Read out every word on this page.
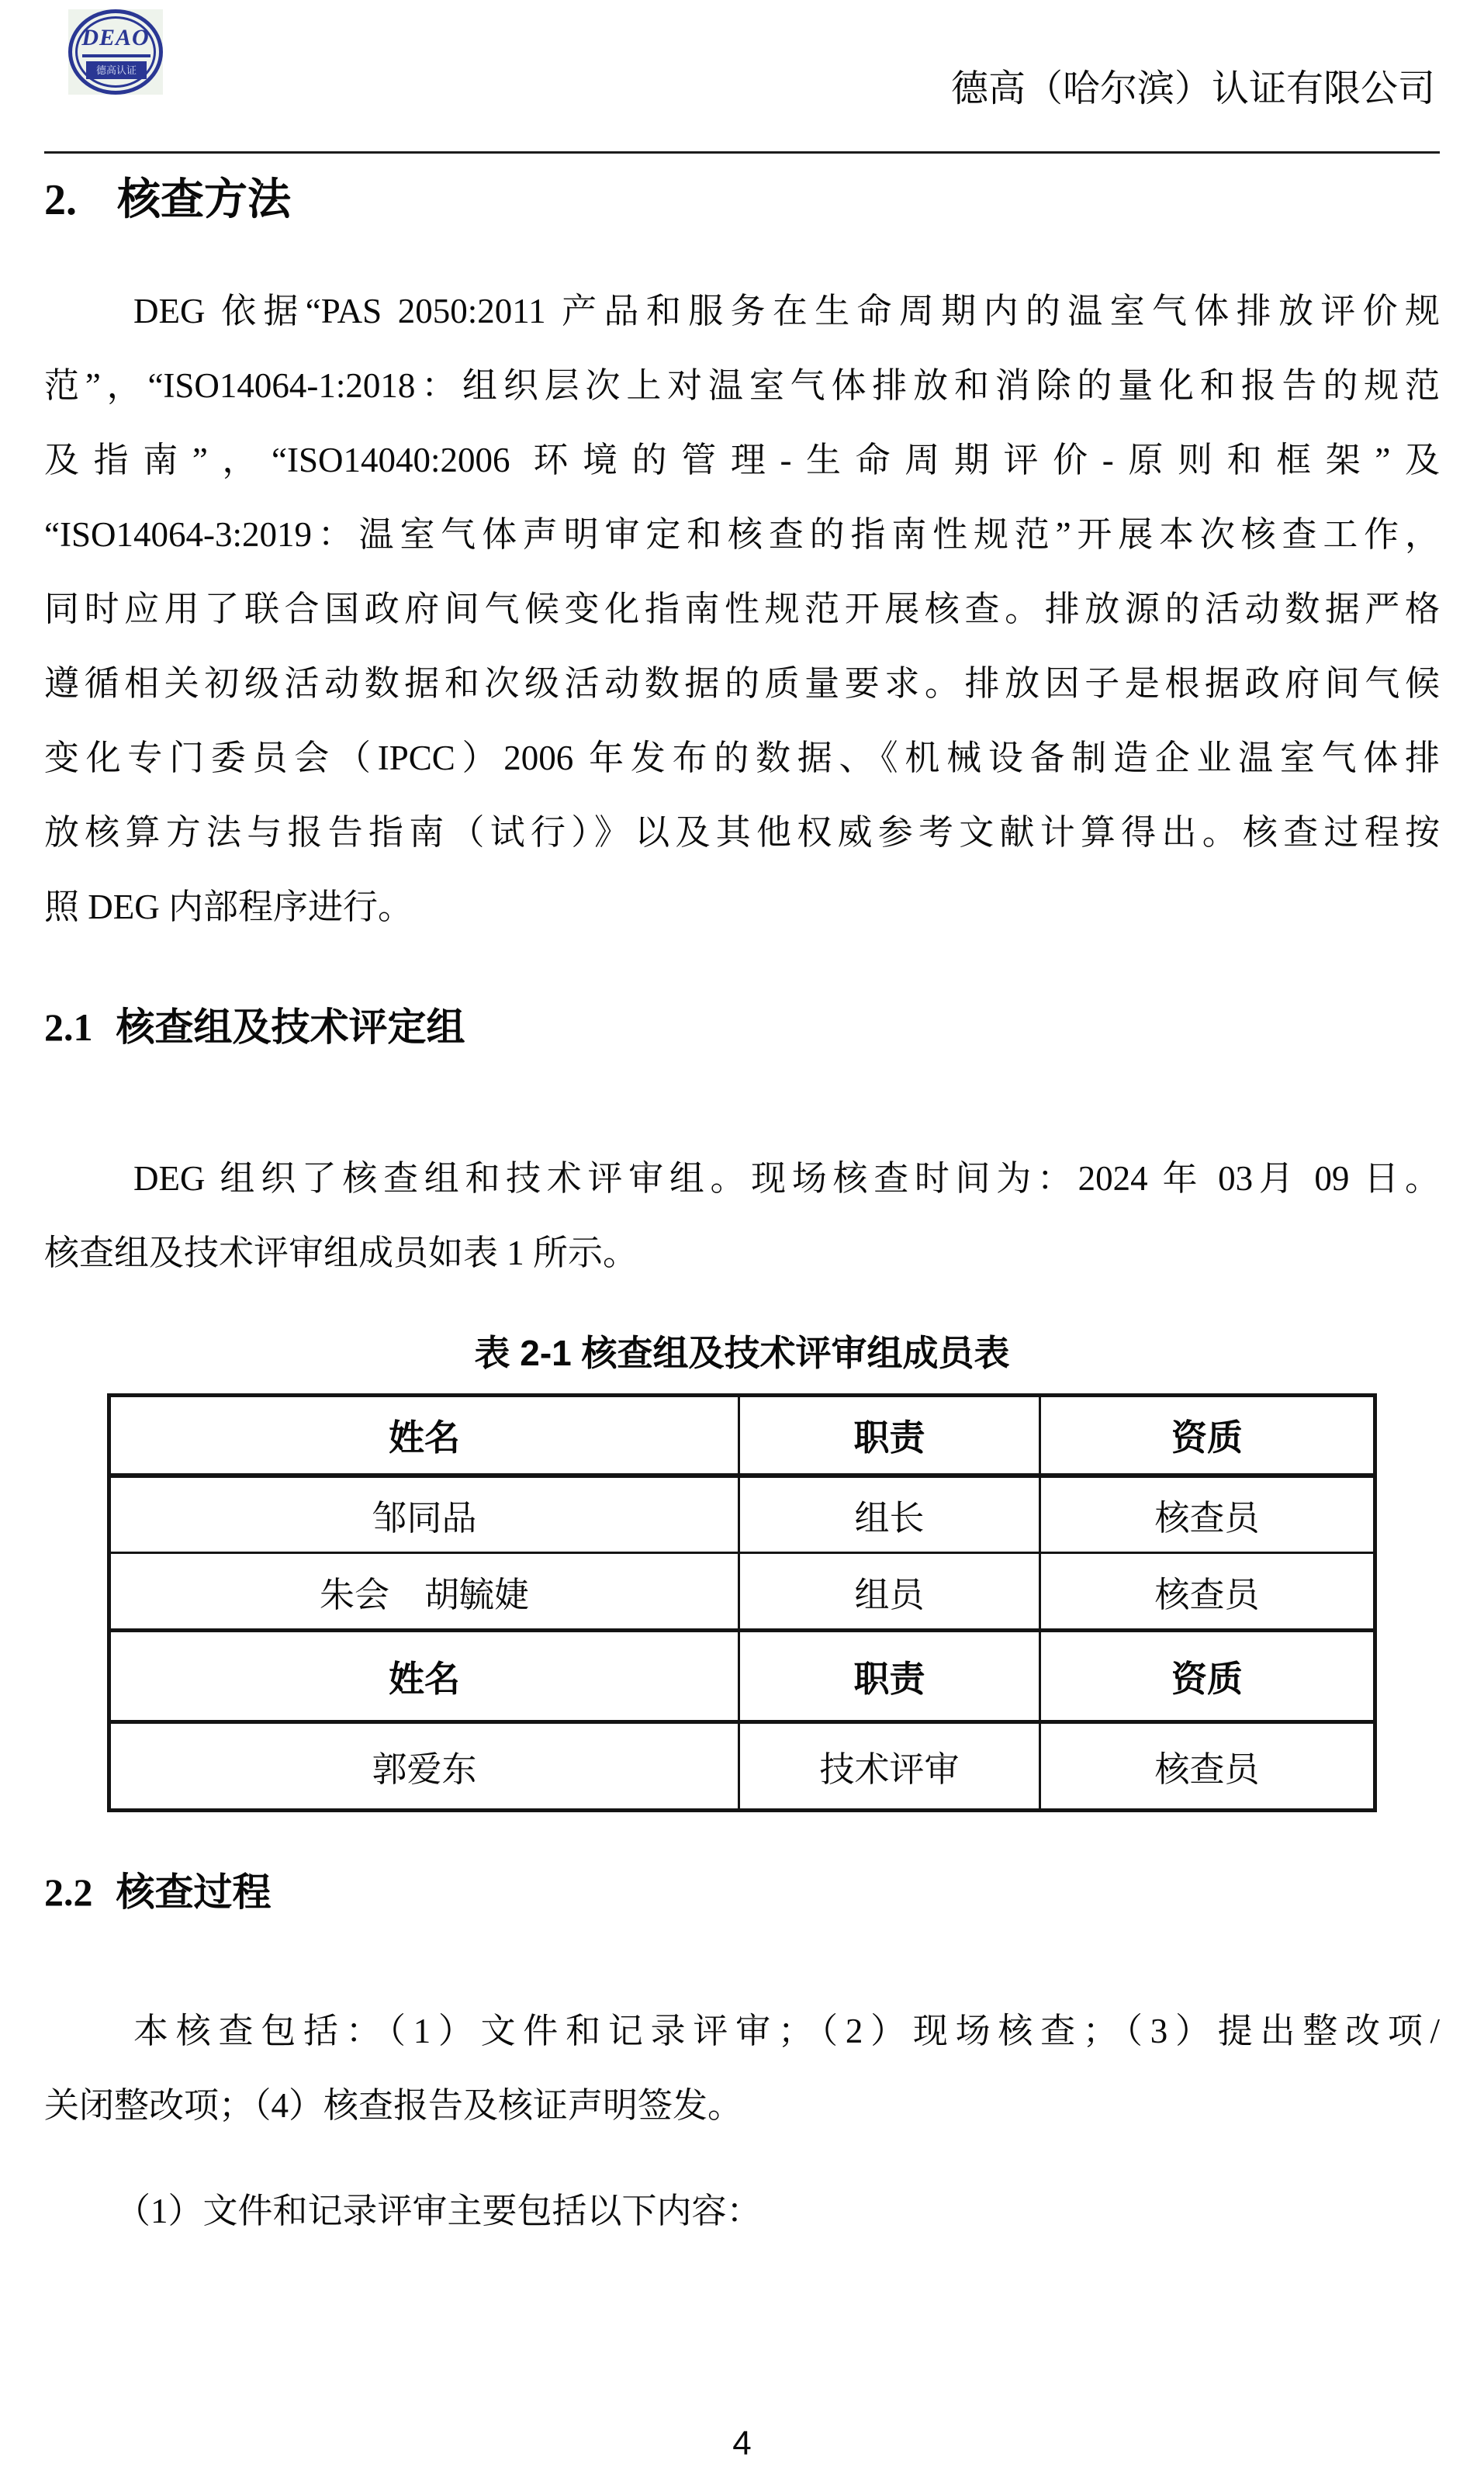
DEAO
德高认证	德高（哈尔滨）认证有限公司
2. 核查方法
DEG 依据“PAS 2050:2011 产品和服务在生命周期内的温室气体排放评价规
范”，“ISO14064-1:2018：组织层次上对温室气体排放和消除的量化和报告的规范
及指南”，“ISO14040:2006 环境的管理-生命周期评价-原则和框架”及
“ISO14064-3:2019：温室气体声明审定和核查的指南性规范”开展本次核查工作，
同时应用了联合国政府间气候变化指南性规范开展核查。排放源的活动数据严格
遵循相关初级活动数据和次级活动数据的质量要求。排放因子是根据政府间气候
变化专门委员会（IPCC）2006 年发布的数据、《机械设备制造企业温室气体排
放核算方法与报告指南（试行）》以及其他权威参考文献计算得出。核查过程按
照 DEG 内部程序进行。
2.1 核查组及技术评定组
DEG 组织了核查组和技术评审组。现场核查时间为：2024 年 03月 09 日。
核查组及技术评审组成员如表 1 所示。
表 2-1 核查组及技术评审组成员表
姓名	职责	资质
邹同品	组长	核查员
朱会　胡毓婕	组员	核查员
姓名	职责	资质
郭爱东	技术评审	核查员
2.2 核查过程
本核查包括：（1）文件和记录评审；（2）现场核查；（3）提出整改项/
关闭整改项；（4）核查报告及核证声明签发。
（1）文件和记录评审主要包括以下内容：
4
